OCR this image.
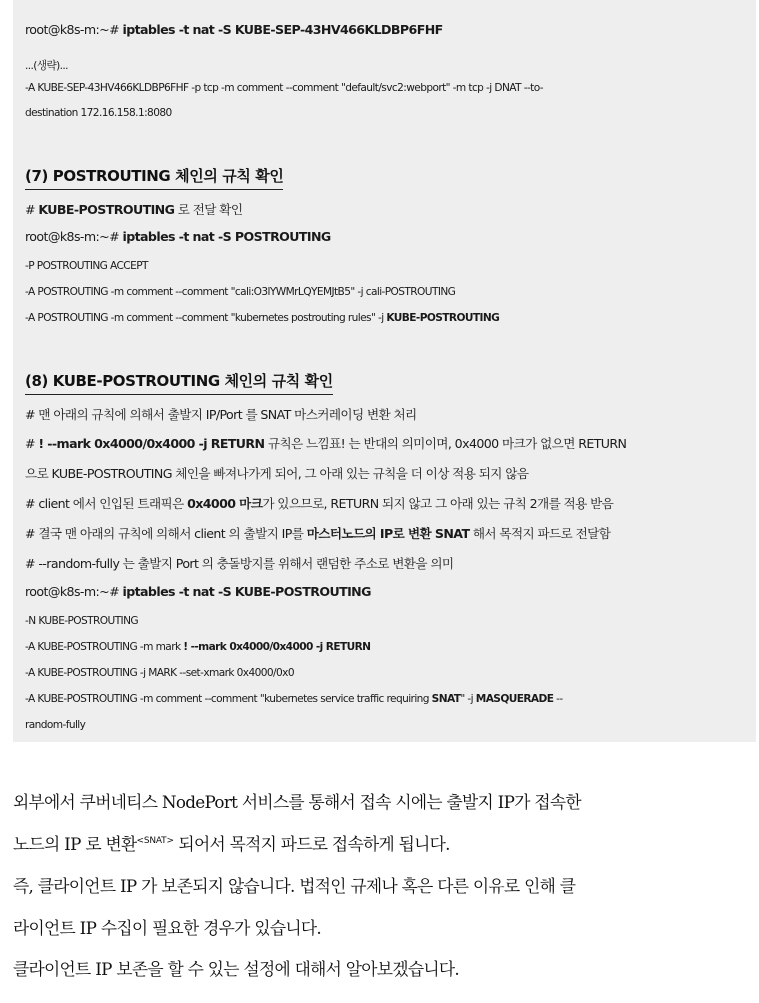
root@k8s-m:~# iptables -t nat -S KUBE-SEP-43HV466KLDBP6FHF
...(생략)...
-A KUBE-SEP-43HV466KLDBP6FHF -p tcp -m comment --comment "default/svc2:webport" -m tcp -j DNAT --to-
destination 172.16.158.1:8080
(7) POSTROUTING 체인의 규칙 확인
# KUBE-POSTROUTING 로 전달 확인
root@k8s-m:~# iptables -t nat -S POSTROUTING
-P POSTROUTING ACCEPT
-A POSTROUTING -m comment --comment "cali:O3lYWMrLQYEMJtB5" -j cali-POSTROUTING
-A POSTROUTING -m comment --comment "kubernetes postrouting rules" -j KUBE-POSTROUTING
(8) KUBE-POSTROUTING 체인의 규칙 확인
# 맨 아래의 규칙에 의해서 출발지 IP/Port 를 SNAT 마스커레이딩 변환 처리
# ! --mark 0x4000/0x4000 -j RETURN 규칙은 느낌표! 는 반대의 의미이며, 0x4000 마크가 없으면 RETURN
으로 KUBE-POSTROUTING 체인을 빠져나가게 되어, 그 아래 있는 규칙을 더 이상 적용 되지 않음
# client 에서 인입된 트래픽은 0x4000 마크가 있으므로, RETURN 되지 않고 그 아래 있는 규칙 2개를 적용 받음
# 결국 맨 아래의 규칙에 의해서 client 의 출발지 IP를 마스터노드의 IP로 변환 SNAT 해서 목적지 파드로 전달함
# --random-fully 는 출발지 Port 의 충돌방지를 위해서 랜덤한 주소로 변환을 의미
root@k8s-m:~# iptables -t nat -S KUBE-POSTROUTING
-N KUBE-POSTROUTING
-A KUBE-POSTROUTING -m mark ! --mark 0x4000/0x4000 -j RETURN
-A KUBE-POSTROUTING -j MARK --set-xmark 0x4000/0x0
-A KUBE-POSTROUTING -m comment --comment "kubernetes service traffic requiring SNAT" -j MASQUERADE --
random-fully
외부에서 쿠버네티스 NodePort 서비스를 통해서 접속 시에는 출발지 IP가 접속한
노드의 IP 로 변환$^{<SNAT>}$ 되어서 목적지 파드로 접속하게 됩니다.
즉, 클라이언트 IP 가 보존되지 않습니다. 법적인 규제나 혹은 다른 이유로 인해 클
라이언트 IP 수집이 필요한 경우가 있습니다.
클라이언트 IP 보존을 할 수 있는 설정에 대해서 알아보겠습니다.
